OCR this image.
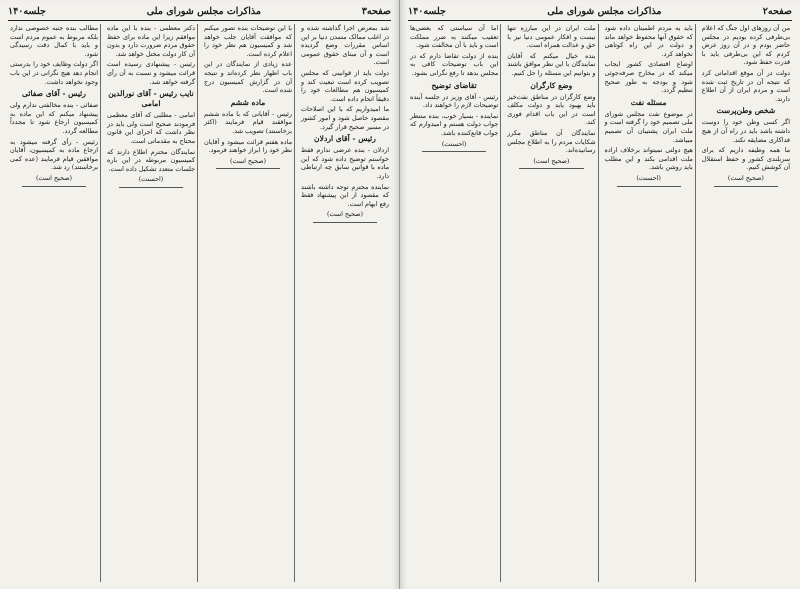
صفحه۳
مذاکرات مجلس شورای ملی
جلسه۱۴۰

شد بمعرض اجرا گذاشته شده و در اغلب ممالک متمدن دنیا بر این اساس مقررات وضع گردیده است و آن مبنای حقوق عمومی است.

دولت باید از قوانینی که مجلس تصویب کرده است تبعیت کند و کمیسیون هم مطالعات خود را دقیقاً انجام داده است.

ما امیدواریم که با این اصلاحات مقصود حاصل شود و امور کشور در مسیر صحیح قرار گیرد.

رئیس - آقای اردلان

اردلان - بنده عرضی ندارم فقط خواستم توضیح داده شود که این ماده با قوانین سابق چه ارتباطی دارد.

نماینده محترم توجه داشته باشند که مقصود از این پیشنهاد فقط رفع ابهام است.

(صحیح است)

با این توضیحات بنده تصور میکنم که موافقت آقایان جلب خواهد شد و کمیسیون هم نظر خود را اعلام کرده است.

عده زیادی از نمایندگان در این باب اظهار نظر کرده‌اند و نتیجه آن در گزارش کمیسیون درج شده است.

ماده ششم

رئیس - آقایانی که با ماده ششم موافقند قیام فرمایند (اکثر برخاستند) تصویب شد.

ماده هفتم قرائت میشود و آقایان نظر خود را ابراز خواهند فرمود.

(صحیح است)

دکتر معظمی - بنده با این ماده موافقم زیرا این ماده برای حفظ حقوق مردم ضرورت دارد و بدون آن کار دولت مختل خواهد شد.

رئیس - پیشنهادی رسیده است قرائت میشود و نسبت به آن رأی گرفته خواهد شد.

نایب رئیس - آقای نورالدین امامی

امامی - مطلبی که آقای معظمی فرمودند صحیح است ولی باید در نظر داشت که اجرای این قانون محتاج به مقدماتی است.

نمایندگان محترم اطلاع دارند که کمیسیون مربوطه در این باره جلسات متعدد تشکیل داده است.

(احسنت)

مطالب بنده جنبه خصوصی ندارد بلکه مربوط به عموم مردم است و باید با کمال دقت رسیدگی شود.

اگر دولت وظایف خود را بدرستی انجام دهد هیچ نگرانی در این باب وجود نخواهد داشت.

رئیس - آقای صفائی

صفائی - بنده مخالفتی ندارم ولی پیشنهاد میکنم که این ماده به کمیسیون ارجاع شود تا مجدداً مطالعه گردد.

رئیس - رأی گرفته میشود به ارجاع ماده به کمیسیون، آقایان موافقین قیام فرمایند (عده کمی برخاستند) رد شد.

(صحیح است)
صفحه۲
مذاکرات مجلس شورای ملی
جلسه۱۴۰

من آن روزهای اول جنگ که اعلام بی‌طرفی کرده بودیم در مجلس حاضر بودم و در آن روز عرض کردم که این بی‌طرفی باید با قدرت حفظ شود.

دولت در آن موقع اقداماتی کرد که نتیجه آن در تاریخ ثبت شده است و مردم ایران از آن اطلاع دارند.

شخص وطن‌پرست

اگر کسی وطن خود را دوست داشته باشد باید در راه آن از هیچ فداکاری مضایقه نکند.

ما همه وظیفه داریم که برای سربلندی کشور و حفظ استقلال آن کوشش کنیم.

(صحیح است)

باید به مردم اطمینان داده شود که حقوق آنها محفوظ خواهد ماند و دولت در این راه کوتاهی نخواهد کرد.

اوضاع اقتصادی کشور ایجاب میکند که در مخارج صرفه‌جوئی شود و بودجه به طور صحیح تنظیم گردد.

مسئله نفت

در موضوع نفت مجلس شورای ملی تصمیم خود را گرفته است و ملت ایران پشتیبان آن تصمیم میباشد.

هیچ دولتی نمیتواند برخلاف اراده ملت اقدامی بکند و این مطلب باید روشن باشد.

(احسنت)

ملت ایران در این مبارزه تنها نیست و افکار عمومی دنیا نیز با حق و عدالت همراه است.

بنده خیال میکنم که آقایان نمایندگان با این نظر موافق باشند و بتوانیم این مسئله را حل کنیم.

وضع کارگران

وضع کارگران در مناطق نفت‌خیز باید بهبود یابد و دولت مکلف است در این باب اقدام فوری کند.

نمایندگان آن مناطق مکرر شکایات مردم را به اطلاع مجلس رسانیده‌اند.

(صحیح است)

اما آن سیاستی که بعضی‌ها تعقیب میکنند به ضرر مملکت است و باید با آن مخالفت شود.

بنده از دولت تقاضا دارم که در این باب توضیحات کافی به مجلس بدهد تا رفع نگرانی بشود.

تقاضای توضیح

رئیس - آقای وزیر در جلسه آینده توضیحات لازم را خواهند داد.

نماینده - بسیار خوب، بنده منتظر جواب دولت هستم و امیدوارم که جواب قانع‌کننده باشد.

(احسنت)
